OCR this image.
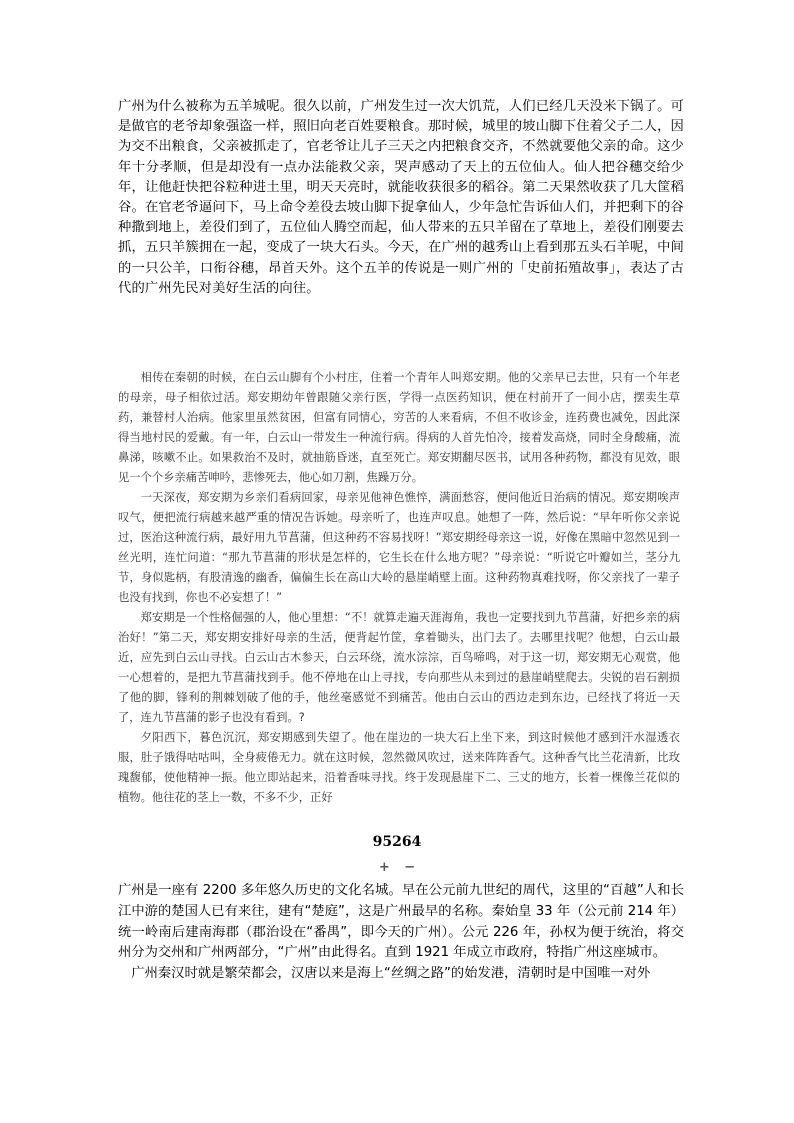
广州为什么被称为五羊城呢。很久以前，广州发生过一次大饥荒，人们已经几天没米下锅了。可是做官的老爷却象强盗一样，照旧向老百姓要粮食。那时候，城里的坡山脚下住着父子二人，因为交不出粮食，父亲被抓走了，官老爷让儿子三天之内把粮食交齐，不然就要他父亲的命。这少年十分孝顺，但是却没有一点办法能救父亲，哭声感动了天上的五位仙人。仙人把谷穗交给少年，让他赶快把谷粒种进土里，明天天亮时，就能收获很多的稻谷。第二天果然收获了几大筐稻谷。在官老爷逼问下，马上命令差役去坡山脚下捉拿仙人，少年急忙告诉仙人们，并把剩下的谷种撒到地上，差役们到了，五位仙人腾空而起，仙人带来的五只羊留在了草地上，差役们刚要去抓，五只羊簇拥在一起，变成了一块大石头。今天，在广州的越秀山上看到那五头石羊呢，中间的一只公羊，口衔谷穗，昂首天外。这个五羊的传说是一则广州的「史前拓殖故事」，表达了古代的广州先民对美好生活的向往。

相传在秦朝的时候，在白云山脚有个小村庄，住着一个青年人叫郑安期。他的父亲早已去世，只有一个年老的母亲，母子相依过活。郑安期幼年曾跟随父亲行医，学得一点医药知识，便在村前开了一间小店，摆卖生草药，兼替村人治病。他家里虽然贫困，但富有同情心，穷苦的人来看病，不但不收诊金，连药费也减免，因此深得当地村民的爱戴。有一年，白云山一带发生一种流行病。得病的人首先怕冷，接着发高烧，同时全身酸痛，流鼻涕，咳嗽不止。如果救治不及时，就抽筋昏迷，直至死亡。郑安期翻尽医书，试用各种药物，都没有见效，眼见一个个乡亲痛苦呻吟，悲惨死去，他心如刀割，焦躁万分。

一天深夜，郑安期为乡亲们看病回家，母亲见他神色憔悴，满面愁容，便问他近日治病的情况。郑安期唉声叹气，便把流行病越来越严重的情况告诉她。母亲听了，也连声叹息。她想了一阵，然后说：“早年听你父亲说过，医治这种流行病，最好用九节菖蒲，但这种药不容易找呀！”郑安期经母亲这一说，好像在黑暗中忽然见到一丝光明，连忙问道：“那九节菖蒲的形状是怎样的，它生长在什么地方呢？”母亲说：“听说它叶瓣如兰，茎分九节，身似匙柄，有股清逸的幽香，偏偏生长在高山大岭的悬崖峭壁上面。这种药物真难找呀，你父亲找了一辈子也没有找到，你也不必妄想了！”

郑安期是一个性格倔强的人，他心里想：“不！就算走遍天涯海角，我也一定要找到九节菖蒲，好把乡亲的病治好！”第二天，郑安期安排好母亲的生活，便背起竹筐，拿着锄头，出门去了。去哪里找呢？他想，白云山最近，应先到白云山寻找。白云山古木参天，白云环绕，流水淙淙，百鸟啼鸣，对于这一切，郑安期无心观赏，他一心想着的，是把九节菖蒲找到手。他不停地在山上寻找，专向那些从未到过的悬崖峭壁爬去。尖锐的岩石割损了他的脚，锋利的荆棘划破了他的手，他丝毫感觉不到痛苦。他由白云山的西边走到东边，已经找了将近一天了，连九节菖蒲的影子也没有看到。?

夕阳西下，暮色沉沉，郑安期感到失望了。他在崖边的一块大石上坐下来，到这时候他才感到汗水湿透衣服，肚子饿得咕咕叫，全身疲倦无力。就在这时候，忽然微风吹过，送来阵阵香气。这种香气比兰花清新，比玫瑰馥郁，使他精神一振。他立即站起来，沿着香味寻找。终于发现悬崖下二、三丈的地方，长着一棵像兰花似的植物。他往花的茎上一数，不多不少，正好

95264
+ −

广州是一座有 2200 多年悠久历史的文化名城。早在公元前九世纪的周代，这里的“百越”人和长江中游的楚国人已有来往，建有“楚庭”，这是广州最早的名称。秦始皇 33 年（公元前 214 年）统一岭南后建南海郡（郡治设在“番禺”，即今天的广州）。公元 226 年，孙权为便于统治，将交州分为交州和广州两部分，“广州”由此得名。直到 1921 年成立市政府，特指广州这座城市。

广州秦汉时就是繁荣都会，汉唐以来是海上“丝绸之路”的始发港，清朝时是中国唯一对外
